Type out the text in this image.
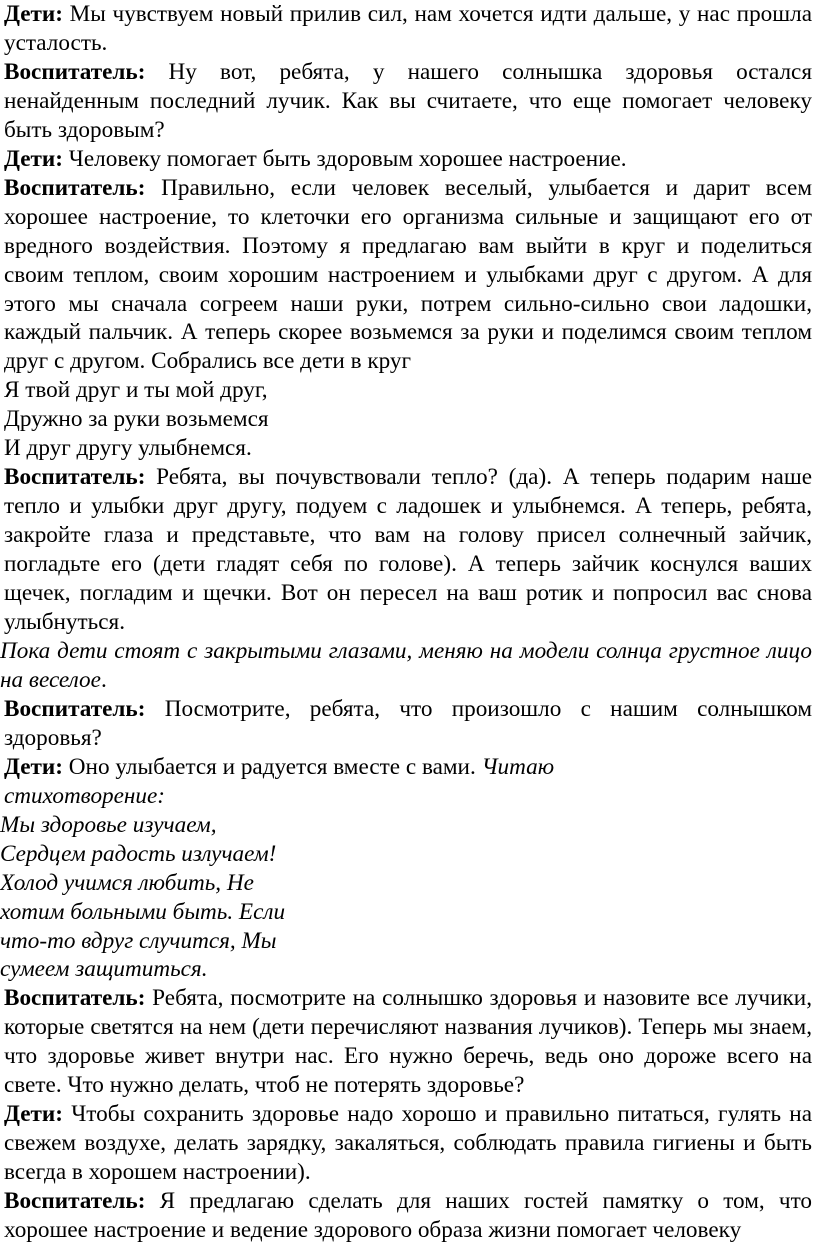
Дети: Мы чувствуем новый прилив сил, нам хочется идти дальше, у нас прошла усталость.

Воспитатель: Ну вот, ребята, у нашего солнышка здоровья остался ненайденным последний лучик. Как вы считаете, что еще помогает человеку быть здоровым?

Дети: Человеку помогает быть здоровым хорошее настроение.

Воспитатель: Правильно, если человек веселый, улыбается и дарит всем хорошее настроение, то клеточки его организма сильные и защищают его от вредного воздействия. Поэтому я предлагаю вам выйти в круг и поделиться своим теплом, своим хорошим настроением и улыбками друг с другом. А для этого мы сначала согреем наши руки, потрем сильно-сильно свои ладошки, каждый пальчик. А теперь скорее возьмемся за руки и поделимся своим теплом друг с другом. Собрались все дети в круг

Я твой друг и ты мой друг,

Дружно за руки возьмемся

И друг другу улыбнемся.

Воспитатель: Ребята, вы почувствовали тепло? (да). А теперь подарим наше тепло и улыбки друг другу, подуем с ладошек и улыбнемся. А теперь, ребята, закройте глаза и представьте, что вам на голову присел солнечный зайчик, погладьте его (дети гладят себя по голове). А теперь зайчик коснулся ваших щечек, погладим и щечки. Вот он пересел на ваш ротик и попросил вас снова улыбнуться.

Пока дети стоят с закрытыми глазами, меняю на модели солнца грустное лицо на веселое.

Воспитатель: Посмотрите, ребята, что произошло с нашим солнышком здоровья?

Дети: Оно улыбается и радуется вместе с вами. Читаю
стихотворение:

Мы здоровье изучаем,

Сердцем радость излучаем!

Холод учимся любить, Не

хотим больными быть. Если

что-то вдруг случится, Мы

сумеем защититься.

Воспитатель: Ребята, посмотрите на солнышко здоровья и назовите все лучики, которые светятся на нем (дети перечисляют названия лучиков). Теперь мы знаем, что здоровье живет внутри нас. Его нужно беречь, ведь оно дороже всего на свете. Что нужно делать, чтоб не потерять здоровье?

Дети: Чтобы сохранить здоровье надо хорошо и правильно питаться, гулять на свежем воздухе, делать зарядку, закаляться, соблюдать правила гигиены и быть всегда в хорошем настроении).

Воспитатель: Я предлагаю сделать для наших гостей памятку о том, что хорошее настроение и ведение здорового образа жизни помогает человеку
